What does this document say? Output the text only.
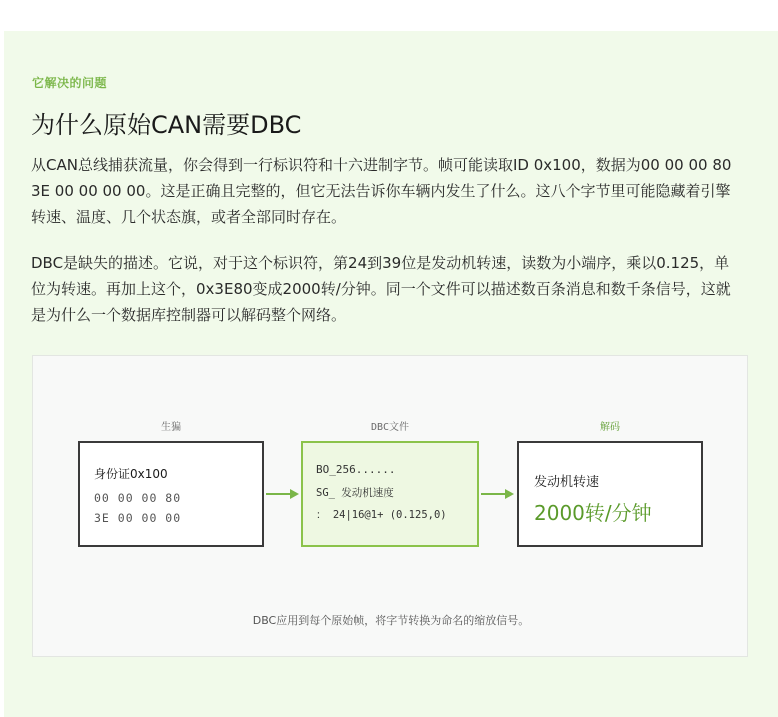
它解决的问题
为什么原始CAN需要DBC

从CAN总线捕获流量，你会得到一行标识符和十六进制字节。帧可能读取ID 0x100，数据为00 00 00 80 3E 00 00 00 00。这是正确且完整的，但它无法告诉你车辆内发生了什么。这八个字节里可能隐藏着引擎转速、温度、几个状态旗，或者全部同时存在。

DBC是缺失的描述。它说，对于这个标识符，第24到39位是发动机转速，读数为小端序，乘以0.125，单位为转速。再加上这个，0x3E80变成2000转/分钟。同一个文件可以描述数百条消息和数千条信号，这就是为什么一个数据库控制器可以解码整个网络。

生猵	DBC文件	解码
身份证0x100
00 00 00 80
3E 00 00 00
BO_256......
SG_ 发动机速度
： 24|16@1+ (0.125,0)
发动机转速
2000转/分钟
DBC应用到每个原始帧，将字节转换为命名的缩放信号。
